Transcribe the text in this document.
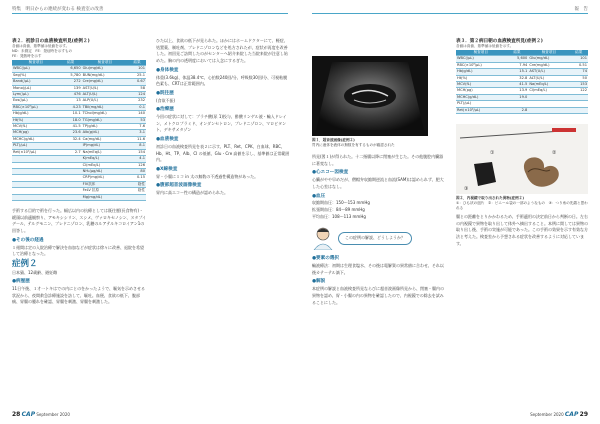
特集　明日からの連続が変わる 検査室の改善
表２．初診日の血液検査所見(症例２)
各値は高値、基準値は低値を示す。
ND：未測定　FE：発症時を示すもの
FE：発熱時を示す
検査項目	結果	検査項目	結果
WBC(/μL)	6,650	Glu(mg/dL)	101
Seg(%)	5,780	BUN(mg/dL)	25.1
Band(/μL)	272	Cre(mg/dL)	0.67
Mono(/μL)	139	AST(U/L)	58
Lym(/μL)	476	ALT(U/L)	124
Eos(/μL)	13	ALP(U/L)	232
RBC(×10⁶/μL)	4.23	TBil(mg/dL)	0.1
Hb(g/dL)	10.1	TChol(mg/dL)	140
Ht(%)	18.0	TG(mg/dL)	53
MCV(fL)	41.5	TP(g/dL)	7.6
MCH(pg)	23.6	Alb(g/dL)	3.1
MCHC(g/dL)	32.4	Ca(mg/dL)	11.6
PLT(/μL)		IP(mg/dL)	8.1
Ret(×10⁴/μL)	2.7	Na(mEq/L)	154
		K(mEq/L)	4.1
		Cl(mEq/L)	126
		NH₃(μg/dL)	80
		CRP(mg/dL)	0.15
		FIV抗体	陰性
		FeLV 抗原	陰性
		Mg(mg/dL)	
手術する目的で術を行った。幅広以内の抗療としては既往歴(長食物有)・緩頭以前適観察り、アモキシシリン、スシメ、ヴァロキセノシン、ヌタプイデール、テルグモニン、プレドニゾロン、乳糖のルアテルキコロイアン1の回答し。
●その後の経過
１週間は定の入院治療で解決を血加などが症状は徐々に改善、退院を希望して治療となった。
症例２
日本猫、12歳齢、避妊雌
●病歴歴
11日午後、１才一トキはでの内にとのをかったようで、嘔気を示めさせる状況から、夜間救急診療施設を訪して、嘔吐。血便、食欲の低下、腹部痛、胃腸の腫れを確認、胃腸を刺激、胃腸を刺激した。
ひた以上、食欲の低下が見られた。ほかにはホームドクターにて、軽症、処置薬、制吐剤、プレドニゾロンなどを処方されたが、症状が再度を改善した。初回見ご訪問したのがセンターへ紹介来院した当院来院が注意し始めた。胸の内の透明度においては入念にするぎた。
●身体検査
体重(3.6kg)、体温38.4℃、心拍数240回/分、呼吸数30回/分、可視粘膜色素も、CRTは正常範囲内。
●既往歴
(食欲不振)
●治療歴
今回の症状に対して：プラチ酸(尿 1)投与、酢酸リンゲル液・輸入ドレイン、メトクロプラミド、オンダンセトロン、プレドニゾロン、マロピタント、デキサメタゾン
●血液検査
初診日の血液検査所見を表２に示す。PLT、Ret、CPK、白血球、RBC、Hb、Ht、TP、Alb、CI の低値、Glu・Cre 高値を示し、基準値は正常範囲内。
●X線検査
胃・小腸に１コ in 太の無数の不透過性構造物があった。
●腹部超音波画像検査
胃内に高エコー性の構造が認められた。
28 CAP September 2020
報　告
図１．超音波画像(症例２)
胃内に液体を液体の無数を有するものが確認された
所見(図１)が得られた。十二指腸以降に閉塞が生じた。その他腹腔内臓器に著変なし。
●心エコー図検査
心臓がやや早めだが、僧帽弁収縮期逆流と血流(SAM)は認められず、肥大した心室はなし。
●血圧
収縮期血圧：150～153 mmHg
拡張期血圧：84～89 mmHg
平均血圧：108～113 mmHg
この症例の解説、どうしようか？
●要素の選択
輸液療法：初期は生理食塩水、その後は電解質の異常値に合わせ、それ以後カテーテル滴下。
●解説
本症例の解説と血液検査所見ならびに超音波画像所見から、閉塞・腸内の異物を認め、胃・小腸の内の異物を確認したので、内視鏡での除去を試みることにした。
表３．第２病日朝の血液検査所見(症例２)
各値は高値、基準値は低値を示す。
検査項目	結果	検査項目	結果
WBC(/μL)	5,600	Glu(mg/dL)	101
RBC(×10⁶/μL)	7.94	Cre(mg/dL)	0.51
Hb(g/dL)	15.1	AST(U/L)	74
Ht(%)	32.8	ALT(U/L)	50
MCV(fL)	41.5	Na(mEq/L)	153
MCH(pg)	13.9	Cl(mEq/L)	122
MCHC(g/dL)	19.0		
PLT(/μL)			
Ret(×10⁴/μL)	2.8		
①	②
③
図２．内視鏡で取り出された異物(症例２)
①：ひも状の紐片　②：ビニール袋の一部のようなもの　③：つり糸の先端と思われる
腸との距離をとりかかわるため、手術適用の決定前日から判断の日。左右の内視鏡で異物を取り出して体外へ摘出すること。本例に関しては異物の取り出し後、手術の実施が可能であった。この手術の効果を示す有効な方法と考えた。検査室から予想される症状を改善するように対応しています。
September 2020 CAP 29
